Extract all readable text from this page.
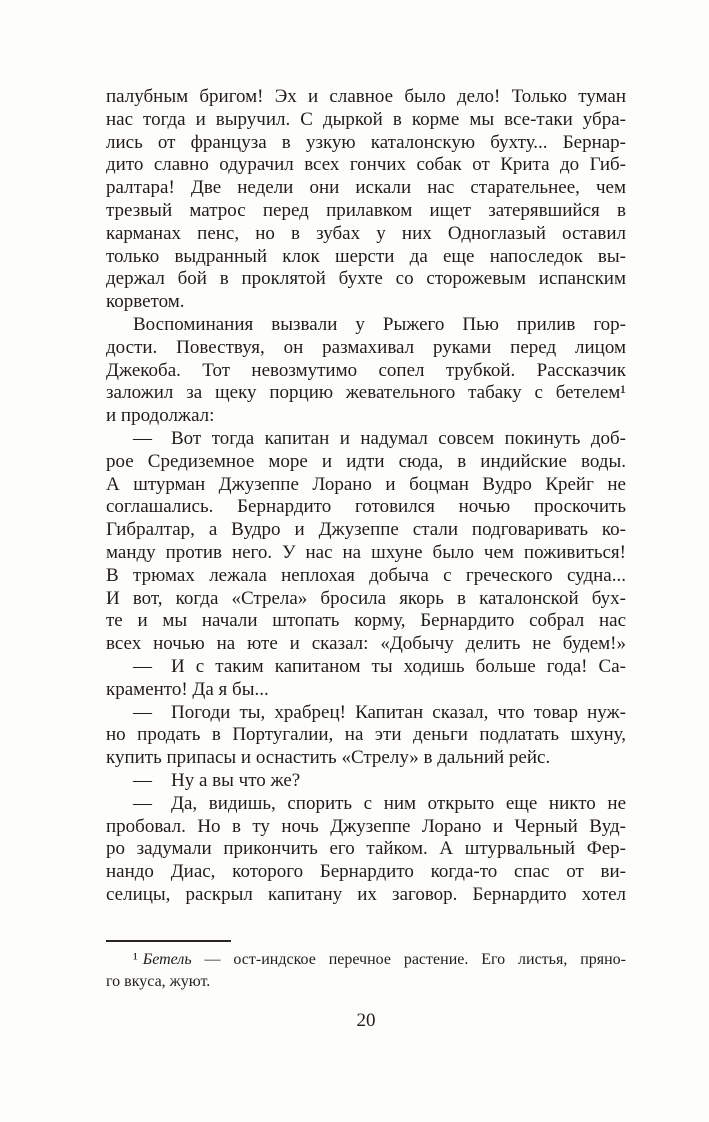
палубным бригом! Эх и славное было дело! Только туман
нас тогда и выручил. С дыркой в корме мы все-таки убра-
лись от француза в узкую каталонскую бухту... Бернар-
дито славно одурачил всех гончих собак от Крита до Гиб-
ралтара! Две недели они искали нас старательнее, чем
трезвый матрос перед прилавком ищет затерявшийся в
карманах пенс, но в зубах у них Одноглазый оставил
только выдранный клок шерсти да еще напоследок вы-
держал бой в проклятой бухте со сторожевым испанским
корветом.
Воспоминания вызвали у Рыжего Пью прилив гор-
дости. Повествуя, он размахивал руками перед лицом
Джекоба. Тот невозмутимо сопел трубкой. Рассказчик
заложил за щеку порцию жевательного табаку с бетелем¹
и продолжал:
— Вот тогда капитан и надумал совсем покинуть доб-
рое Средиземное море и идти сюда, в индийские воды.
А штурман Джузеппе Лорано и боцман Вудро Крейг не
соглашались. Бернардито готовился ночью проскочить
Гибралтар, а Вудро и Джузеппе стали подговаривать ко-
манду против него. У нас на шхуне было чем поживиться!
В трюмах лежала неплохая добыча с греческого судна...
И вот, когда «Стрела» бросила якорь в каталонской бух-
те и мы начали штопать корму, Бернардито собрал нас
всех ночью на юте и сказал: «Добычу делить не будем!»
— И с таким капитаном ты ходишь больше года! Са-
краменто! Да я бы...
— Погоди ты, храбрец! Капитан сказал, что товар нуж-
но продать в Португалии, на эти деньги подлатать шхуну,
купить припасы и оснастить «Стрелу» в дальний рейс.
— Ну а вы что же?
— Да, видишь, спорить с ним открыто еще никто не
пробовал. Но в ту ночь Джузеппе Лорано и Черный Вуд-
ро задумали прикончить его тайком. А штурвальный Фер-
нандо Диас, которого Бернардито когда-то спас от ви-
селицы, раскрыл капитану их заговор. Бернардито хотел
¹ Бетель — ост-индское перечное растение. Его листья, пряно-
го вкуса, жуют.
20
